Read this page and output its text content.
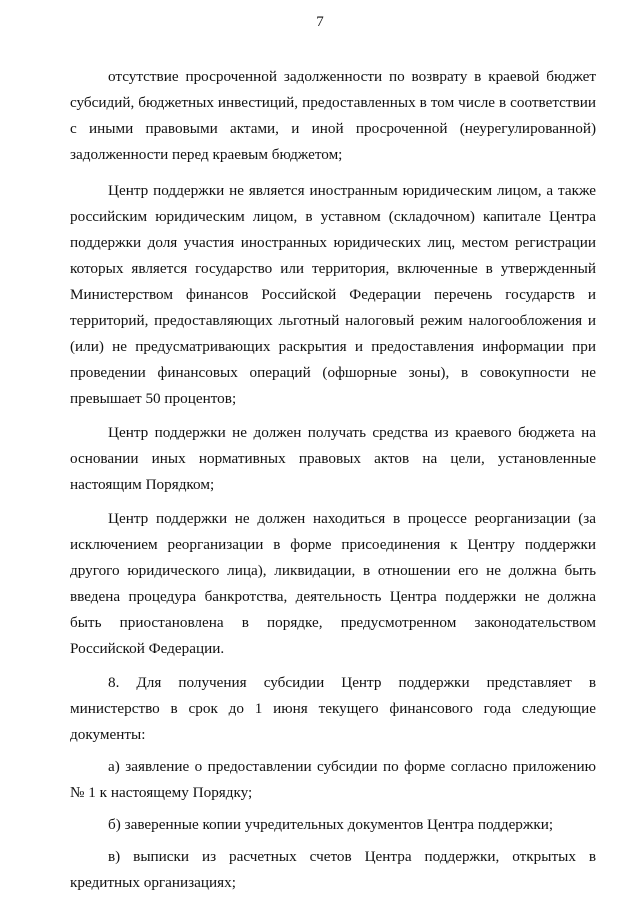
7

отсутствие просроченной задолженности по возврату в краевой бюджет субсидий, бюджетных инвестиций, предоставленных в том числе в соответствии с иными правовыми актами, и иной просроченной (неурегулированной) задолженности перед краевым бюджетом;

Центр поддержки не является иностранным юридическим лицом, а также российским юридическим лицом, в уставном (складочном) капитале Центра поддержки доля участия иностранных юридических лиц, местом регистрации которых является государство или территория, включенные в утвержденный Министерством финансов Российской Федерации перечень государств и территорий, предоставляющих льготный налоговый режим налогообложения и (или) не предусматривающих раскрытия и предоставления информации при проведении финансовых операций (офшорные зоны), в совокупности не превышает 50 процентов;

Центр поддержки не должен получать средства из краевого бюджета на основании иных нормативных правовых актов на цели, установленные настоящим Порядком;

Центр поддержки не должен находиться в процессе реорганизации (за исключением реорганизации в форме присоединения к Центру поддержки другого юридического лица), ликвидации, в отношении его не должна быть введена процедура банкротства, деятельность Центра поддержки не должна быть приостановлена в порядке, предусмотренном законодательством Российской Федерации.

8. Для получения субсидии Центр поддержки представляет в министерство в срок до 1 июня текущего финансового года следующие документы:

а) заявление о предоставлении субсидии по форме согласно приложению № 1 к настоящему Порядку;

б) заверенные копии учредительных документов Центра поддержки;

в) выписки из расчетных счетов Центра поддержки, открытых в кредитных организациях;
